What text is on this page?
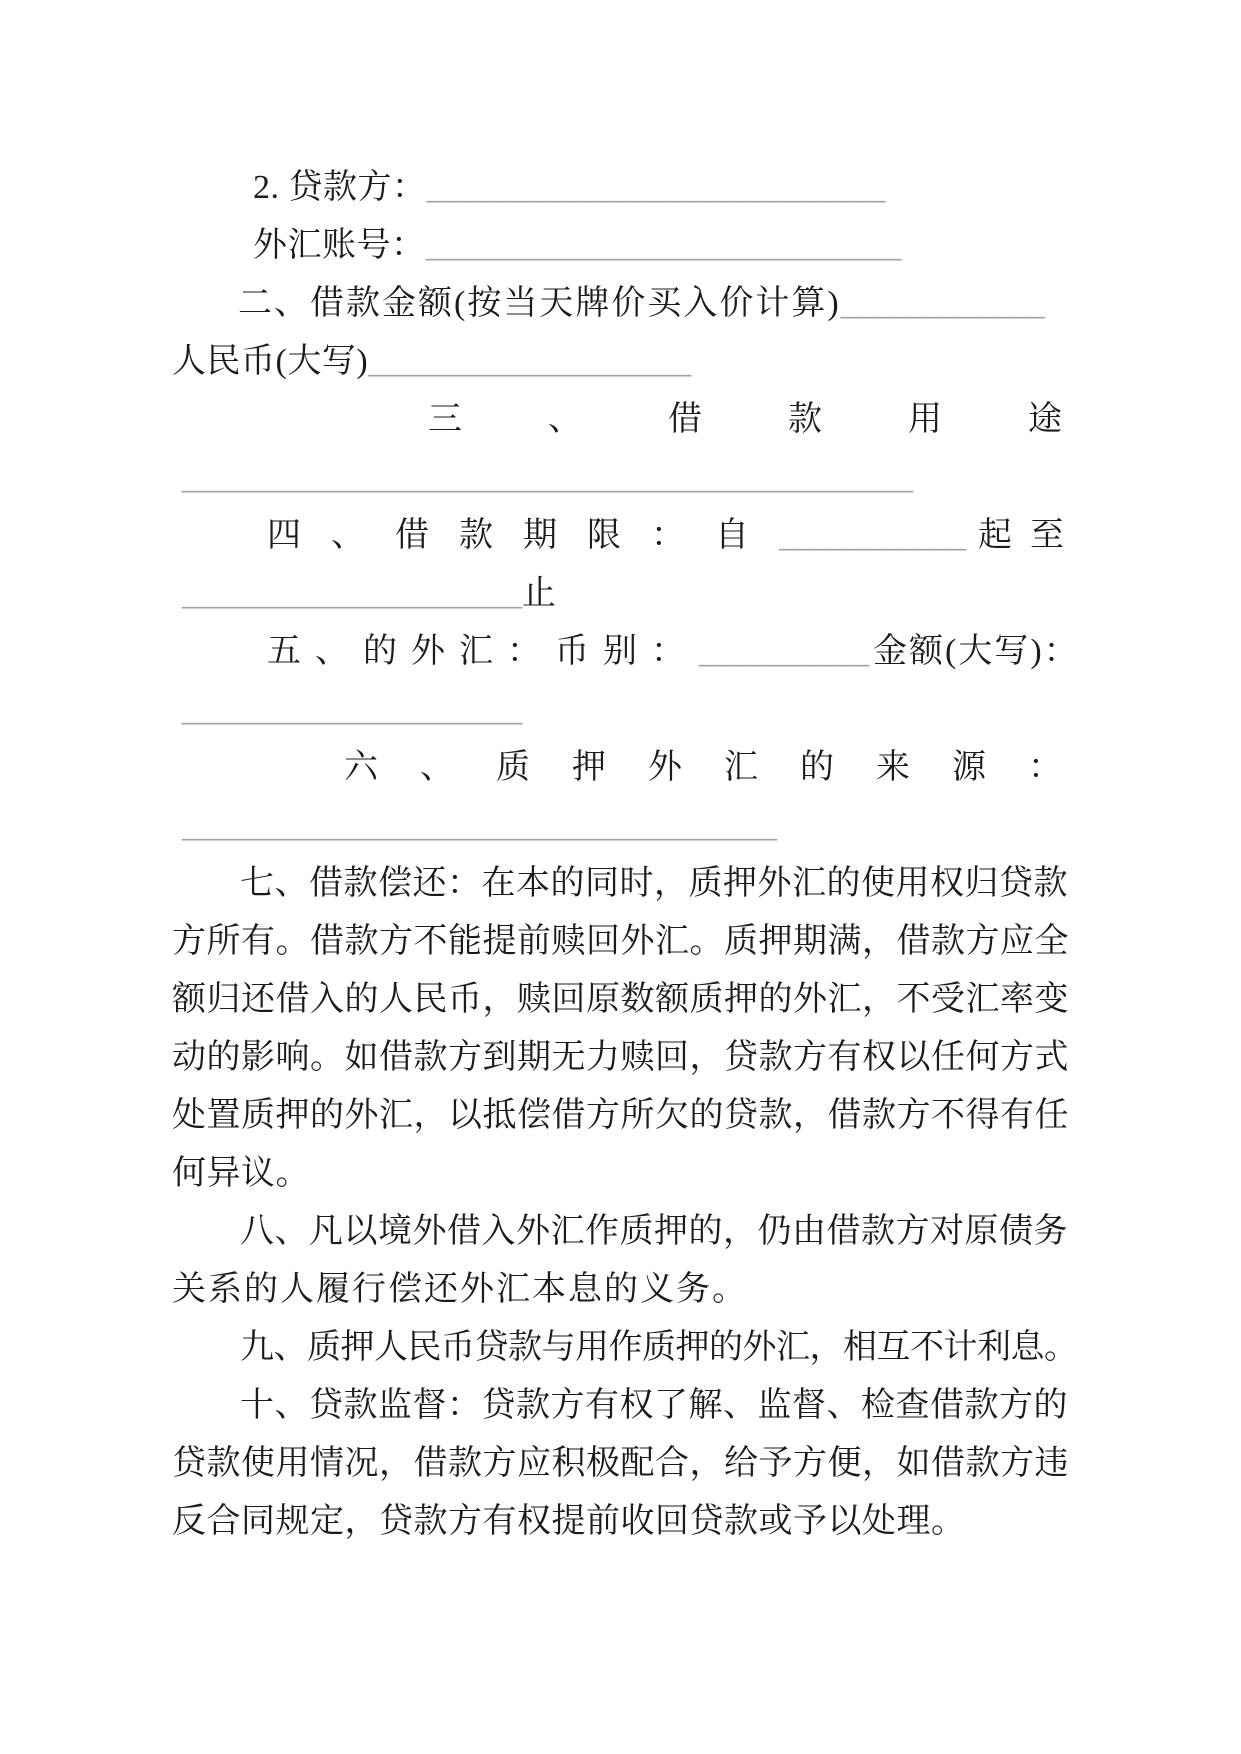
2. 贷款方：___________________________
外汇账号：____________________________
二、借款金额(按当天牌价买入价计算)____________
人民币(大写)___________________
三、借款用途
___________________________________________
四、借款期限：自___________ 起至
____________________止
五、的外汇：币别：__________ 金额(大写)：
____________________
六、质押外汇的来源：
___________________________________
七、借款偿还：在本的同时，质押外汇的使用权归贷款
方所有。借款方不能提前赎回外汇。质押期满，借款方应全
额归还借入的人民币，赎回原数额质押的外汇，不受汇率变
动的影响。如借款方到期无力赎回，贷款方有权以任何方式
处置质押的外汇，以抵偿借方所欠的贷款，借款方不得有任
何异议。
八、凡以境外借入外汇作质押的，仍由借款方对原债务
关系的人履行偿还外汇本息的义务。
九、质押人民币贷款与用作质押的外汇，相互不计利息。
十、贷款监督：贷款方有权了解、监督、检查借款方的
贷款使用情况，借款方应积极配合，给予方便，如借款方违
反合同规定，贷款方有权提前收回贷款或予以处理。
